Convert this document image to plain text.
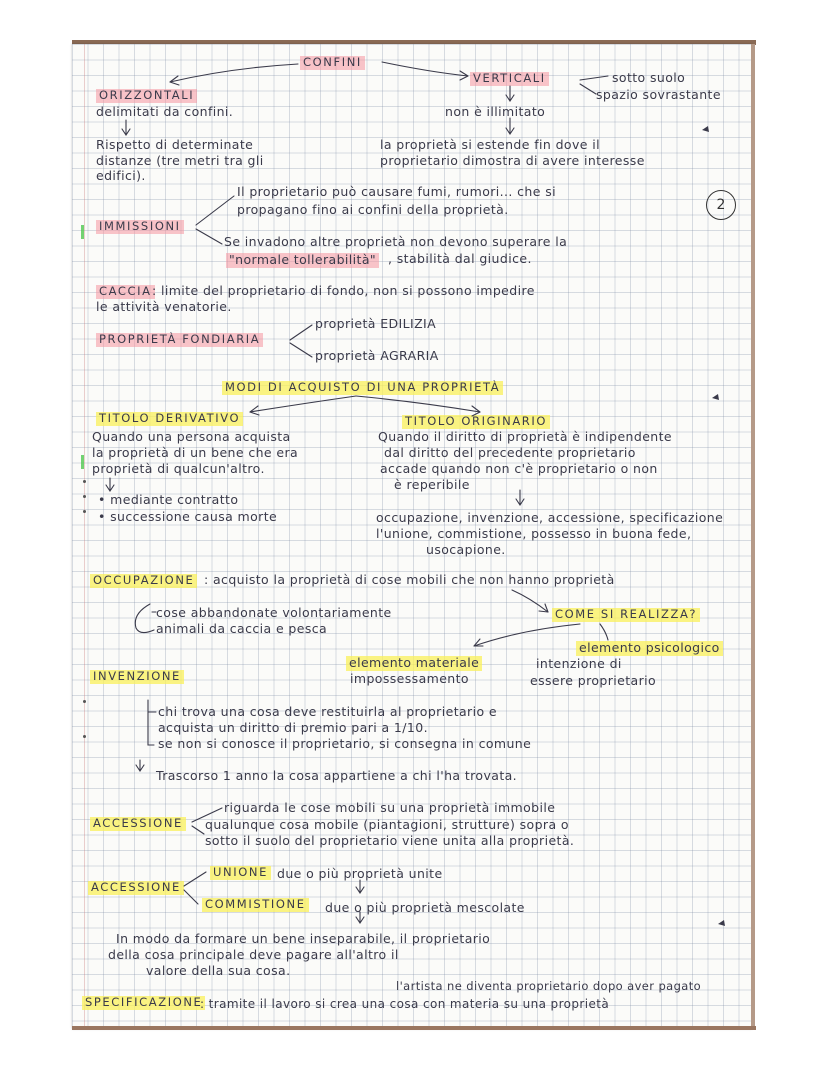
2
CONFINI
VERTICALI	sotto suolo
spazio sovrastante
ORIZZONTALI
delimitati da confini.	non è illimitato
Rispetto di determinate
distanze (tre metri tra gli
edifici).
la proprietà si estende fin dove il
proprietario dimostra di avere interesse
Il proprietario può causare fumi, rumori... che si
propagano fino ai confini della proprietà.
IMMISSIONI
Se invadono altre proprietà non devono superare la
"normale tollerabilità" , stabilità dal giudice.
CACCIA : limite del proprietario di fondo, non si possono impedire
le attività venatorie.
proprietà EDILIZIA
PROPRIETÀ FONDIARIA
proprietà AGRARIA
MODI DI ACQUISTO DI UNA PROPRIETÀ
TITOLO DERIVATIVO	TITOLO ORIGINARIO
Quando una persona acquista
la proprietà di un bene che era
proprietà di qualcun'altro.
Quando il diritto di proprietà è indipendente
dal diritto del precedente proprietario
accade quando non c'è proprietario o non
è reperibile
• mediante contratto
• successione causa morte	occupazione, invenzione, accessione, specificazione
l'unione, commistione, possesso in buona fede,
usocapione.
OCCUPAZIONE : acquisto la proprietà di cose mobili che non hanno proprietà
cose abbandonate volontariamente
animali da caccia e pesca
COME SI REALIZZA?
elemento psicologico
elemento materiale	intenzione di
INVENZIONE	impossessamento	essere proprietario
chi trova una cosa deve restituirla al proprietario e
acquista un diritto di premio pari a 1/10.
se non si conosce il proprietario, si consegna in comune
Trascorso 1 anno la cosa appartiene a chi l'ha trovata.
riguarda le cose mobili su una proprietà immobile
ACCESSIONE qualunque cosa mobile (piantagioni, strutture) sopra o
sotto il suolo del proprietario viene unita alla proprietà.
UNIONE due o più proprietà unite
ACCESSIONE
COMMISTIONE due o più proprietà mescolate
In modo da formare un bene inseparabile, il proprietario
della cosa principale deve pagare all'altro il
valore della sua cosa.
l'artista ne diventa proprietario dopo aver pagato
SPECIFICAZIONE
: tramite il lavoro si crea una cosa con materia su una proprietà
